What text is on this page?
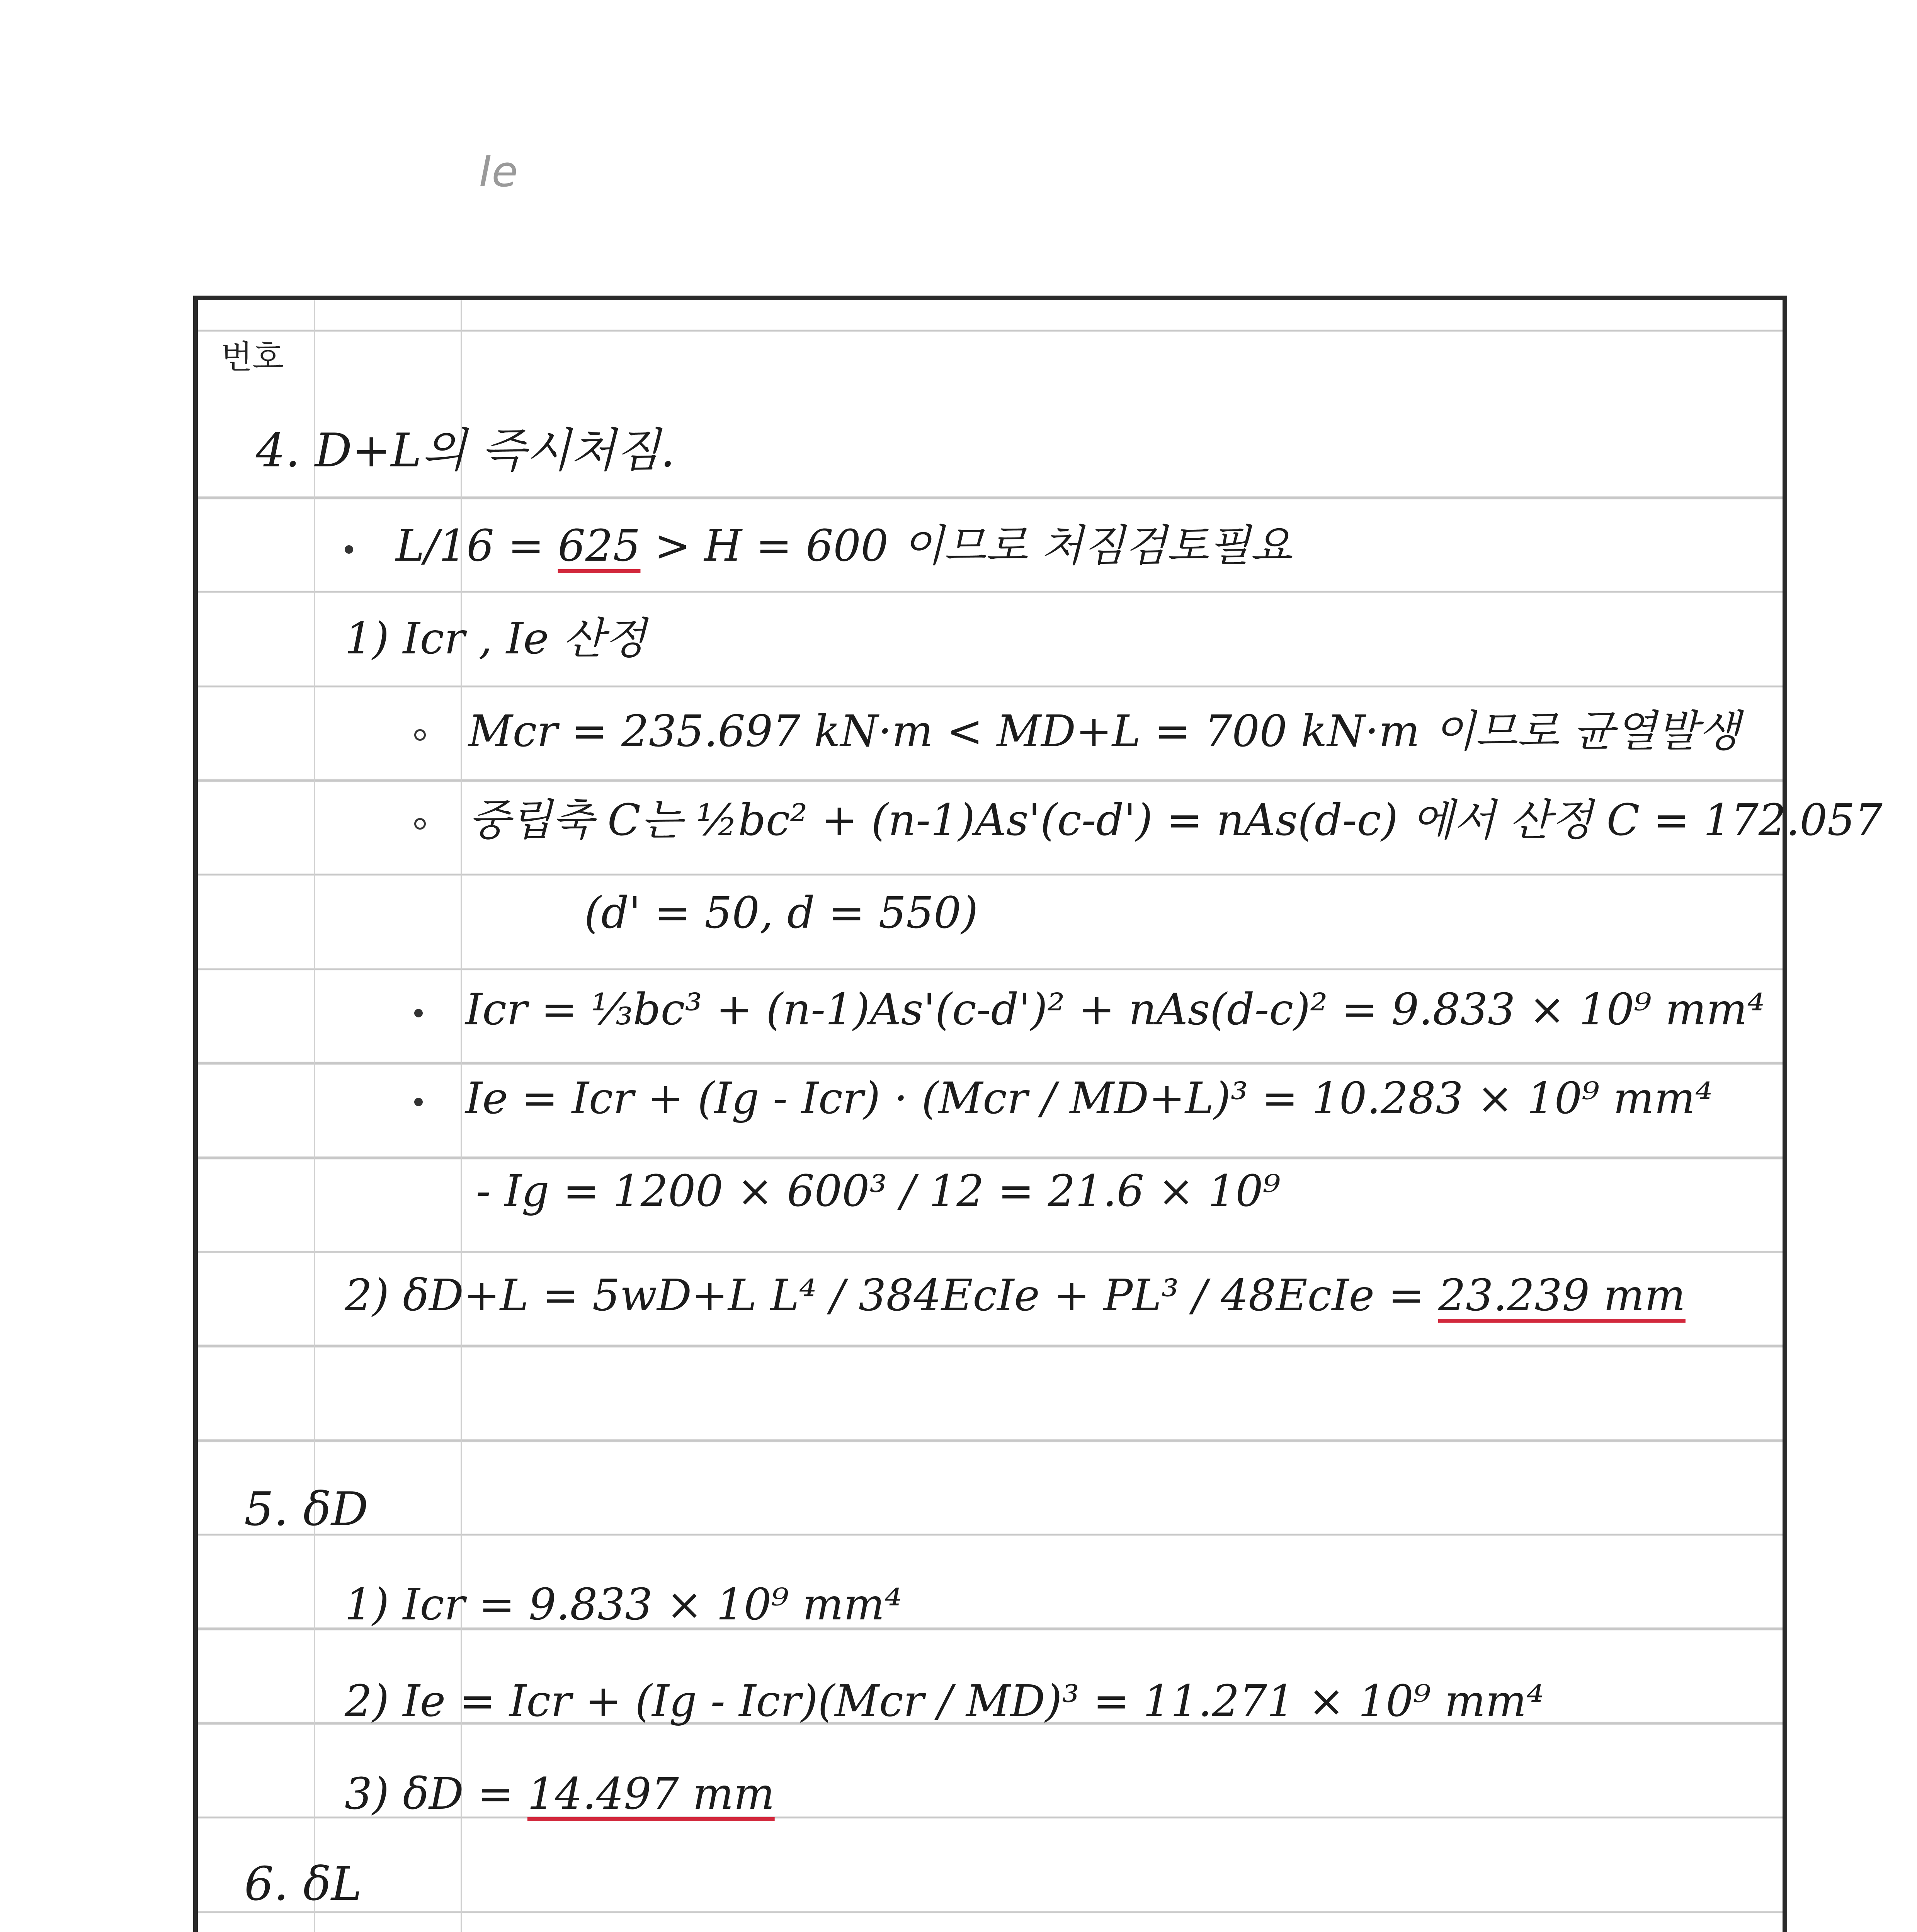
Ie
번호
4. D+L의 즉시처짐.
L/16 = 625 > H = 600 이므로 처짐검토필요
1) Icr , Ie 산정
Mcr = 235.697 kN·m < MD+L = 700 kN·m 이므로 균열발생
중립축 C는 ½bc² + (n-1)As'(c-d') = nAs(d-c) 에서 산정 C = 172.057
(d' = 50, d = 550)
Icr = ⅓bc³ + (n-1)As'(c-d')² + nAs(d-c)² = 9.833 × 10⁹ mm⁴
Ie = Icr + (Ig - Icr) · (Mcr / MD+L)³ = 10.283 × 10⁹ mm⁴
- Ig = 1200 × 600³ / 12 = 21.6 × 10⁹
2) δD+L = 5wD+L L⁴ / 384EcIe + PL³ / 48EcIe = 23.239 mm
5. δD
1) Icr = 9.833 × 10⁹ mm⁴
2) Ie = Icr + (Ig - Icr)(Mcr / MD)³ = 11.271 × 10⁹ mm⁴
3) δD = 14.497 mm
6. δL
